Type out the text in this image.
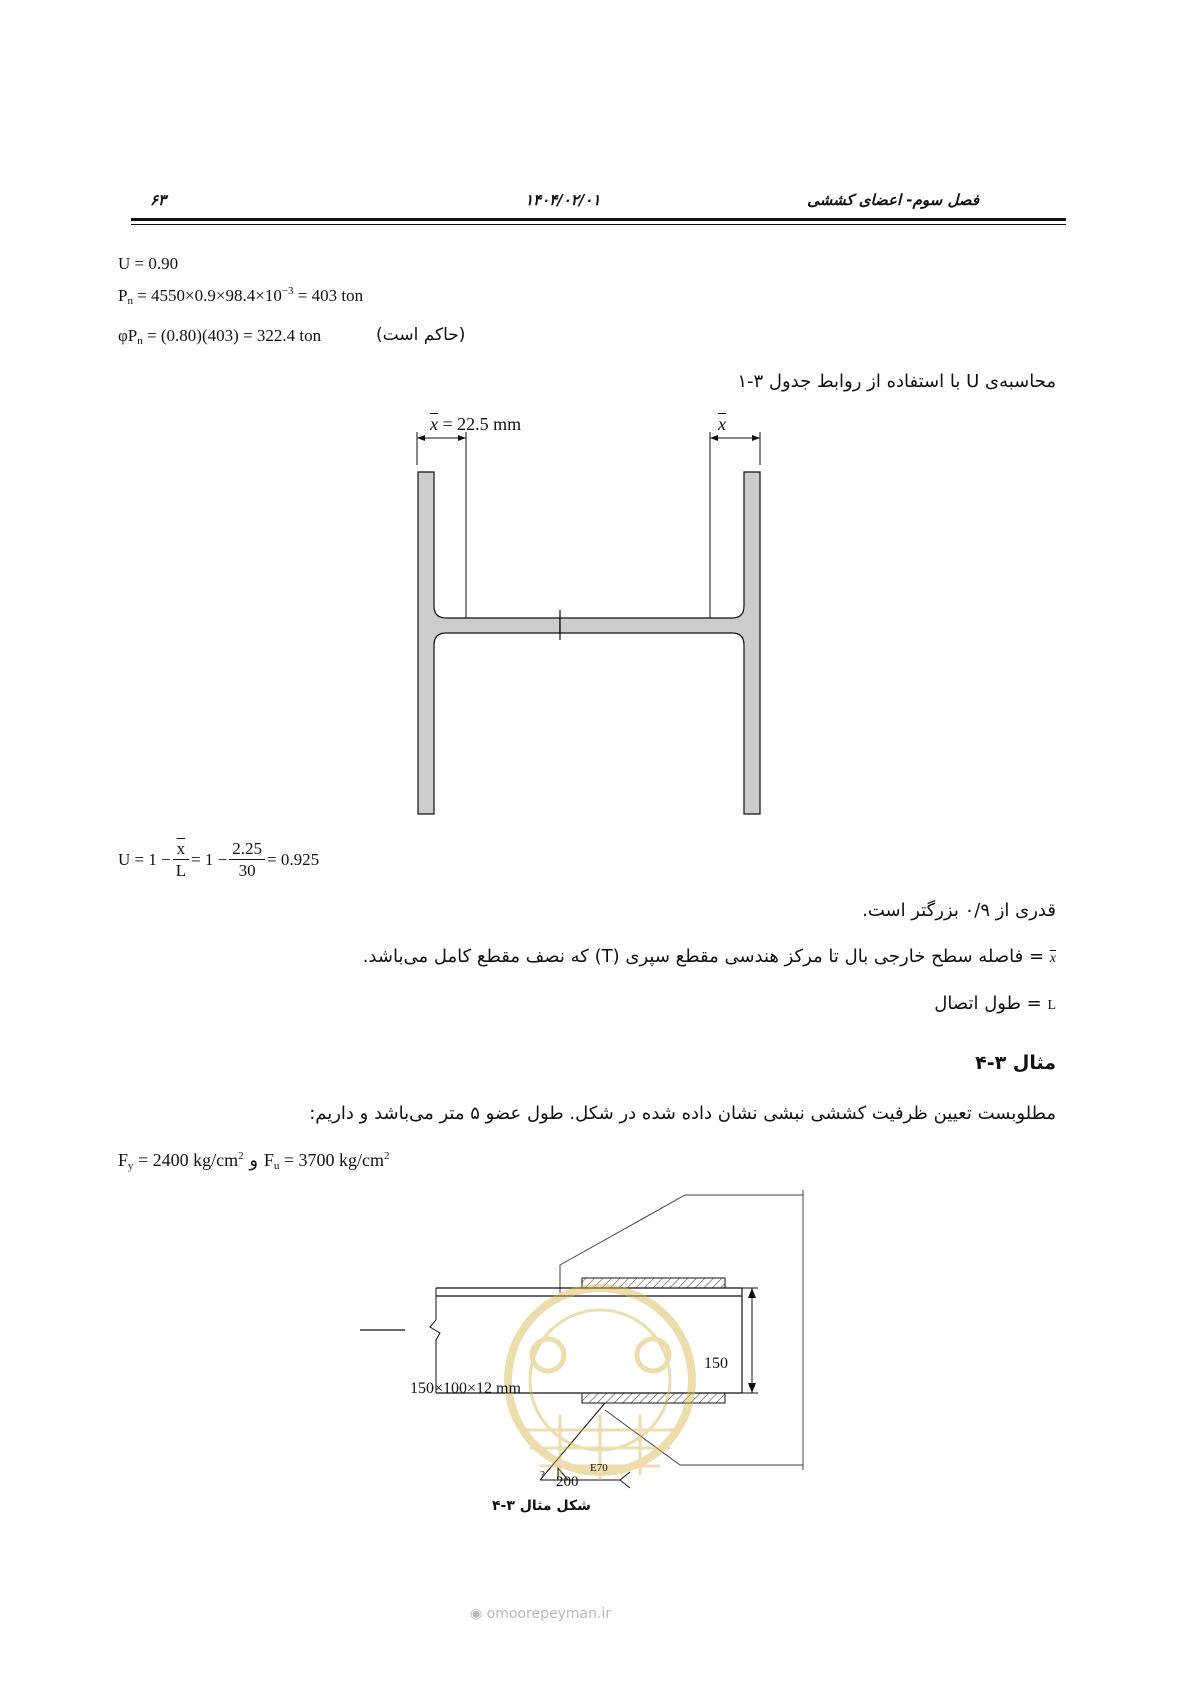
فصل سوم- اعضای کششی
۱۴۰۴/۰۲/۰۱
۶۳
U = 0.90
$P_n = 4550\times 0.9\times 98.4\times 10^{-3} = 403$ ton
$\varphi P_n = (0.80)(403) = 322.4$ ton	(حاکم است)
محاسبه‌ی U با استفاده از روابط جدول ۳-۱
$\overline{x} = 22.5$ mm	$\overline{x}$
$U = 1 - \frac{\overline{x}}{L} = 1 - \frac{2.25}{30} = 0.925$
قدری از ۰/۹ بزرگتر است.
x = فاصله سطح خارجی بال تا مرکز هندسی مقطع سپری (T) که نصف مقطع کامل می‌باشد.
L = طول اتصال
مثال ۳-۴
مطلوبست تعیین ظرفیت کششی نبشی نشان داده شده در شکل. طول عضو ۵ متر می‌باشد و داریم:
$F_y = 2400$ $kg/cm^2$ و $F_u = 3700$ $kg/cm^2$
150×100×12 mm
150
? 200
E70
شکل مثال ۳-۴
◉ omoorepeyman.ir
